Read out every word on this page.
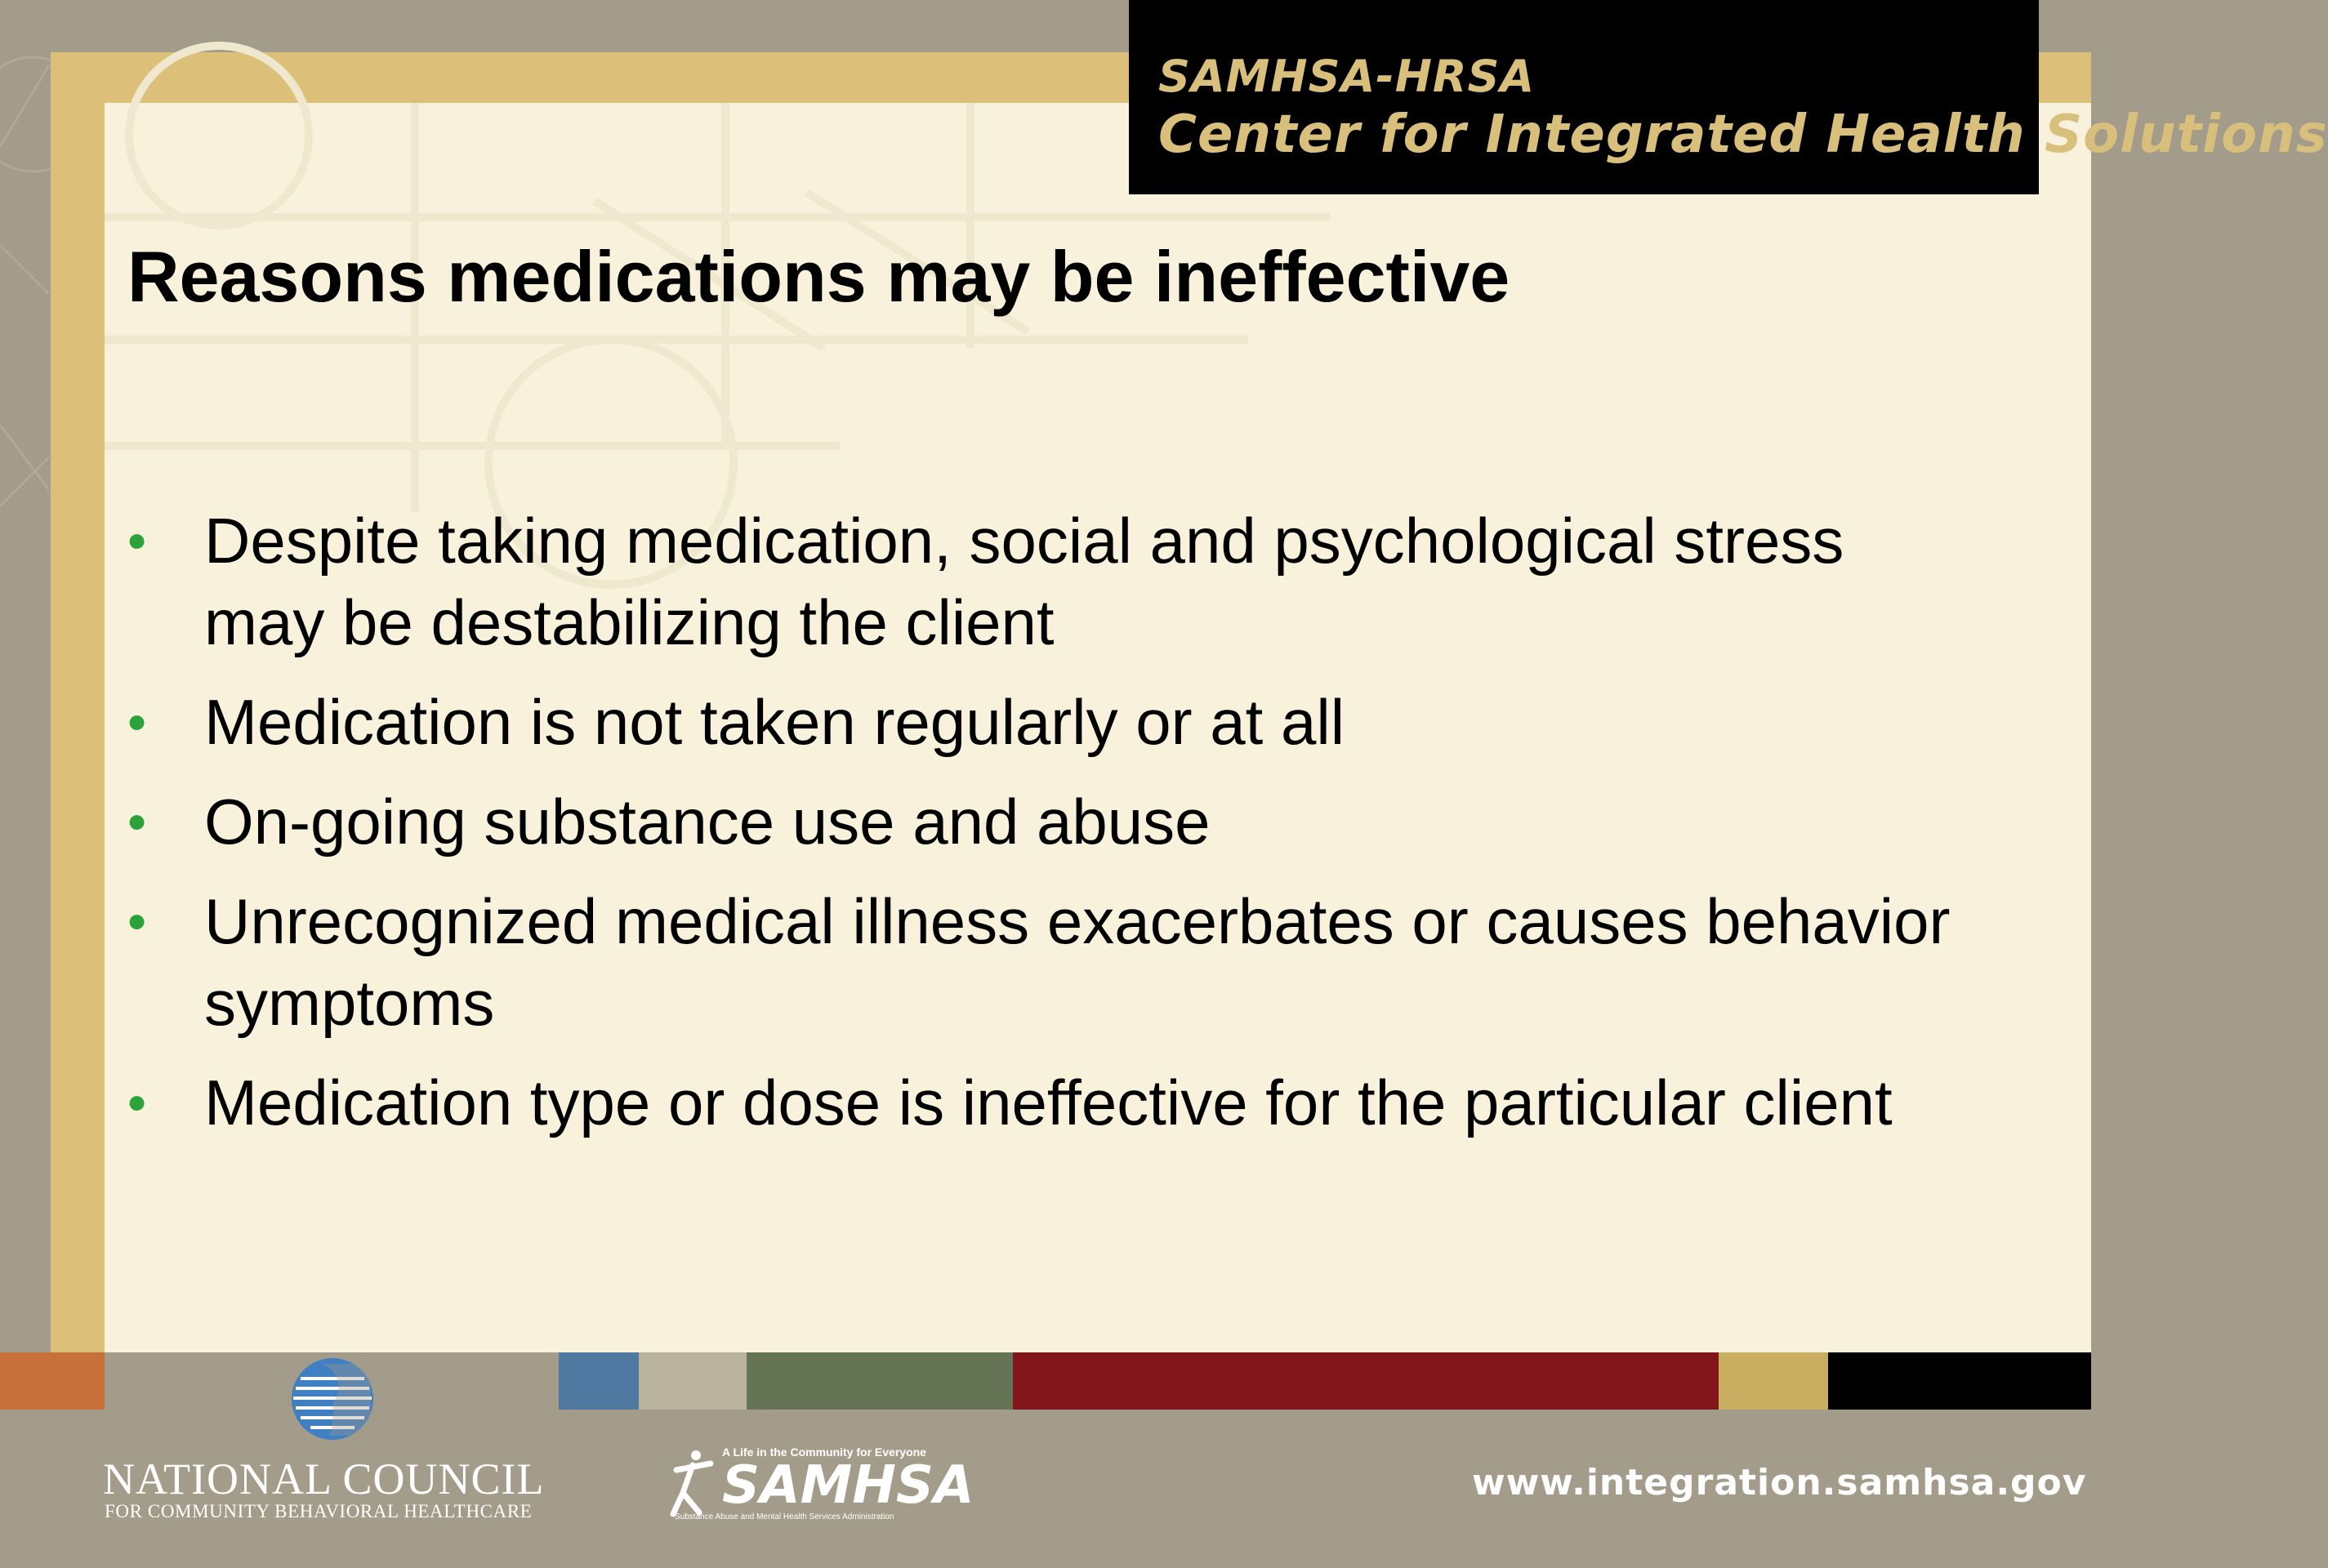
SAMHSA-HRSA
Center for Integrated Health Solutions
Reasons medications may be ineffective
• Despite taking medication, social and psychological stress may be destabilizing the client
• Medication is not taken regularly or at all
• On-going substance use and abuse
• Unrecognized medical illness exacerbates or causes behavior symptoms
• Medication type or dose is ineffective for the particular client
NATIONAL COUNCIL
FOR COMMUNITY BEHAVIORAL HEALTHCARE
A Life in the Community for Everyone
SAMHSA
Substance Abuse and Mental Health Services Administration
www.integration.samhsa.gov
